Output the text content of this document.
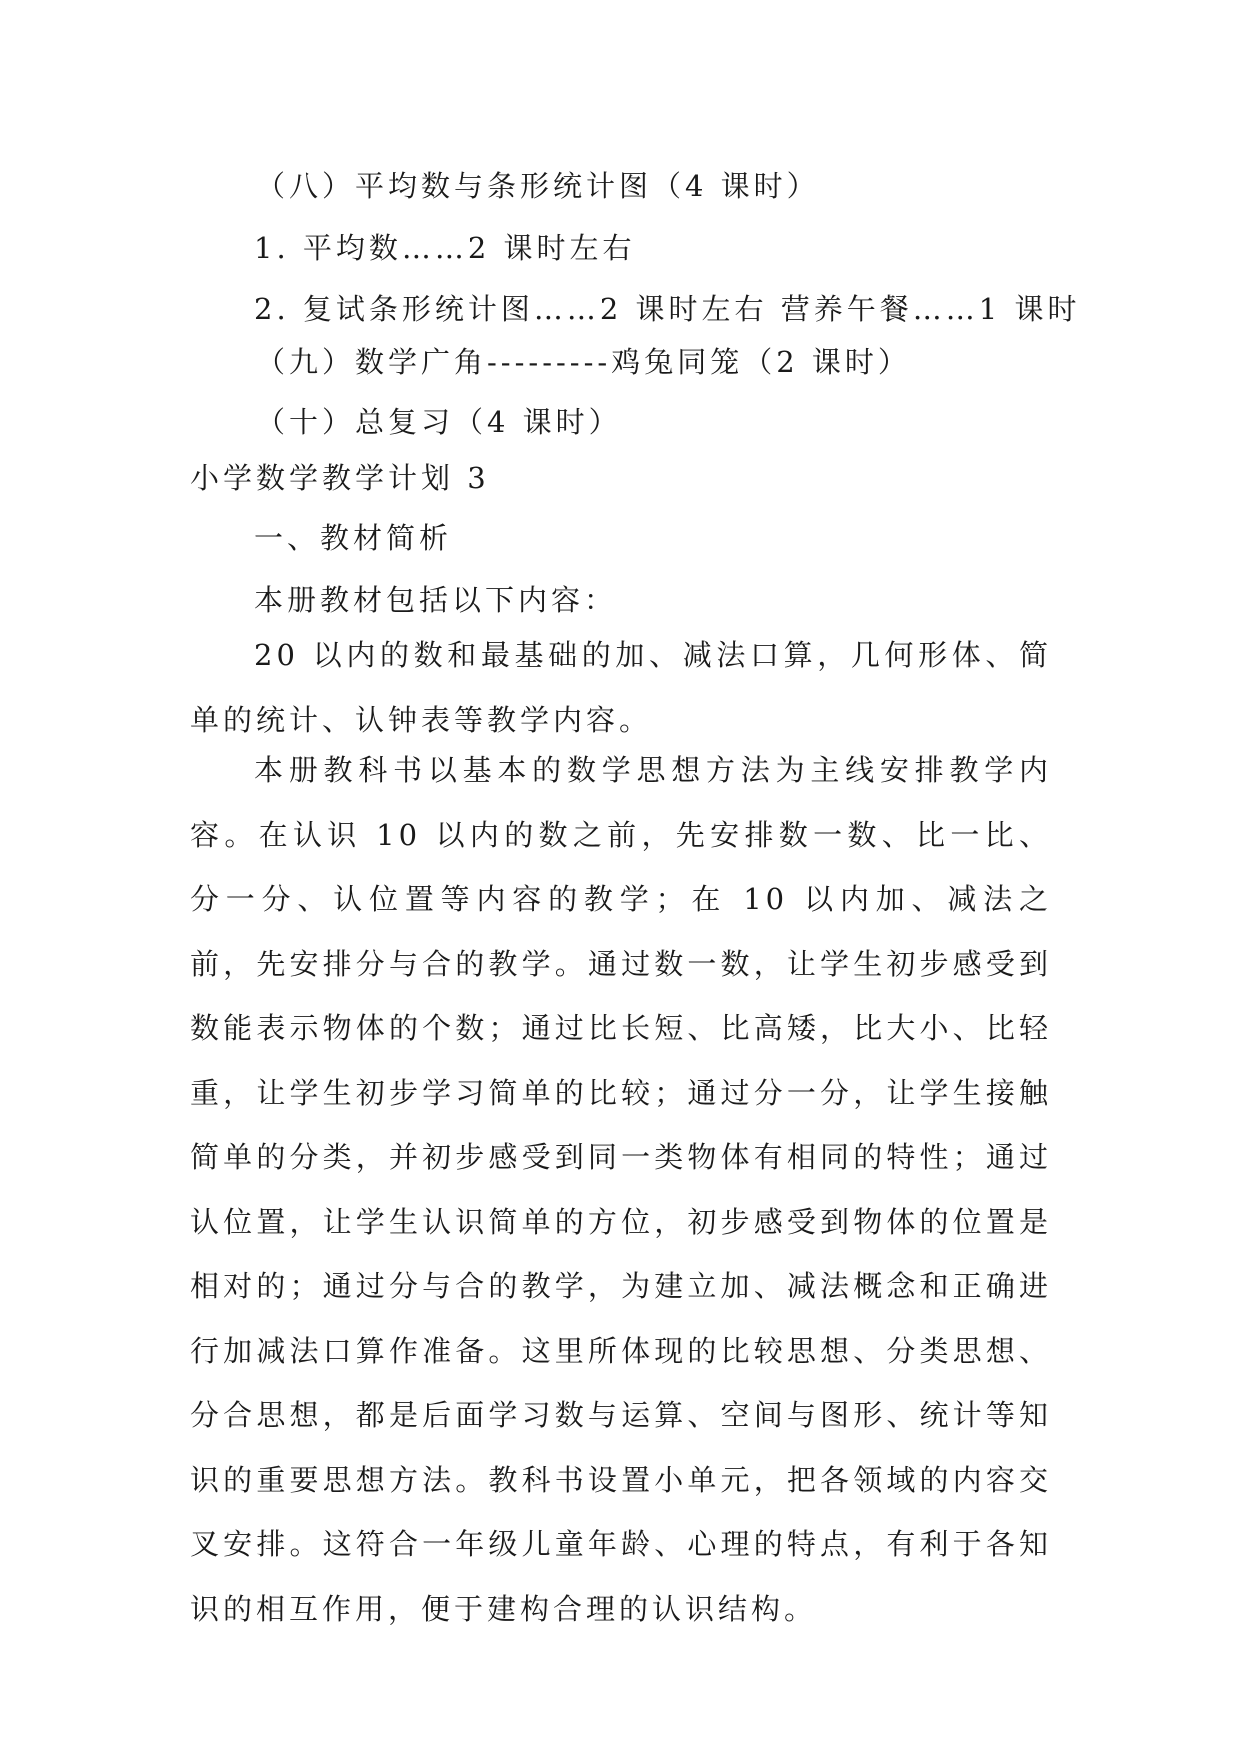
（八）平均数与条形统计图（4 课时）
1. 平均数……2 课时左右
2. 复试条形统计图……2 课时左右 营养午餐……1 课时
（九）数学广角---------鸡兔同笼（2 课时）
（十）总复习（4 课时）
小学数学教学计划 3
一、教材简析
本册教材包括以下内容：

20 以内的数和最基础的加、减法口算，几何形体、简单的统计、认钟表等教学内容。

本册教科书以基本的数学思想方法为主线安排教学内容。在认识 10 以内的数之前，先安排数一数、比一比、分一分、认位置等内容的教学；在 10 以内加、减法之前，先安排分与合的教学。通过数一数，让学生初步感受到数能表示物体的个数；通过比长短、比高矮，比大小、比轻重，让学生初步学习简单的比较；通过分一分，让学生接触简单的分类，并初步感受到同一类物体有相同的特性；通过认位置，让学生认识简单的方位，初步感受到物体的位置是相对的；通过分与合的教学，为建立加、减法概念和正确进行加减法口算作准备。这里所体现的比较思想、分类思想、分合思想，都是后面学习数与运算、空间与图形、统计等知识的重要思想方法。教科书设置小单元，把各领域的内容交叉安排。这符合一年级儿童年龄、心理的特点，有利于各知识的相互作用，便于建构合理的认识结构。
